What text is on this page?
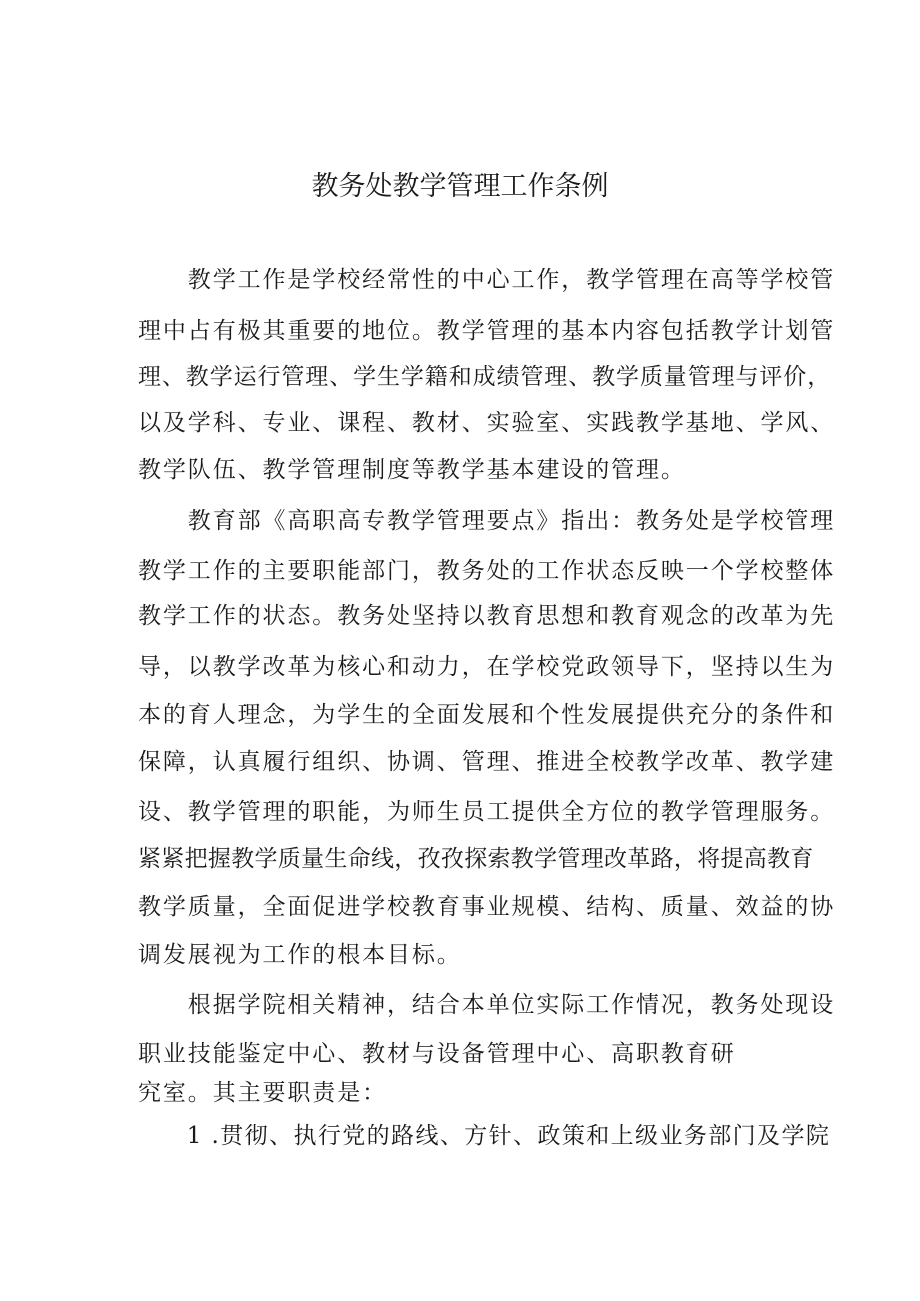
教务处教学管理工作条例
　　教学工作是学校经常性的中心工作，教学管理在高等学校管
理中占有极其重要的地位。教学管理的基本内容包括教学计划管
理、教学运行管理、学生学籍和成绩管理、教学质量管理与评价，
以及学科、专业、课程、教材、实验室、实践教学基地、学风、
教学队伍、教学管理制度等教学基本建设的管理。
　　教育部《高职高专教学管理要点》指出：教务处是学校管理
教学工作的主要职能部门，教务处的工作状态反映一个学校整体
教学工作的状态。教务处坚持以教育思想和教育观念的改革为先
导，以教学改革为核心和动力，在学校党政领导下，坚持以生为
本的育人理念，为学生的全面发展和个性发展提供充分的条件和
保障，认真履行组织、协调、管理、推进全校教学改革、教学建
设、教学管理的职能，为师生员工提供全方位的教学管理服务。
紧紧把握教学质量生命线，孜孜探索教学管理改革路，将提高教育
教学质量，全面促进学校教育事业规模、结构、质量、效益的协
调发展视为工作的根本目标。
　　根据学院相关精神，结合本单位实际工作情况，教务处现设
职业技能鉴定中心、教材与设备管理中心、高职教育研
究室。其主要职责是：
　　1 .贯彻、执行党的路线、方针、政策和上级业务部门及学院
